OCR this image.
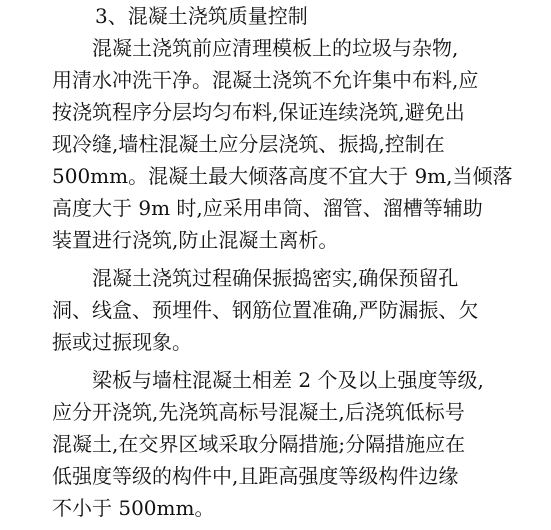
3、混凝土浇筑质量控制
混凝土浇筑前应清理模板上的垃圾与杂物,
用清水冲洗干净。混凝土浇筑不允许集中布料,应
按浇筑程序分层均匀布料,保证连续浇筑,避免出
现冷缝,墙柱混凝土应分层浇筑、振捣,控制在
500mm。混凝土最大倾落高度不宜大于 9m,当倾落
高度大于 9m 时,应采用串筒、溜管、溜槽等辅助
装置进行浇筑,防止混凝土离析。
混凝土浇筑过程确保振捣密实,确保预留孔
洞、线盒、预埋件、钢筋位置准确,严防漏振、欠
振或过振现象。
梁板与墙柱混凝土相差 2 个及以上强度等级,
应分开浇筑,先浇筑高标号混凝土,后浇筑低标号
混凝土,在交界区域采取分隔措施;分隔措施应在
低强度等级的构件中,且距高强度等级构件边缘
不小于 500mm。
